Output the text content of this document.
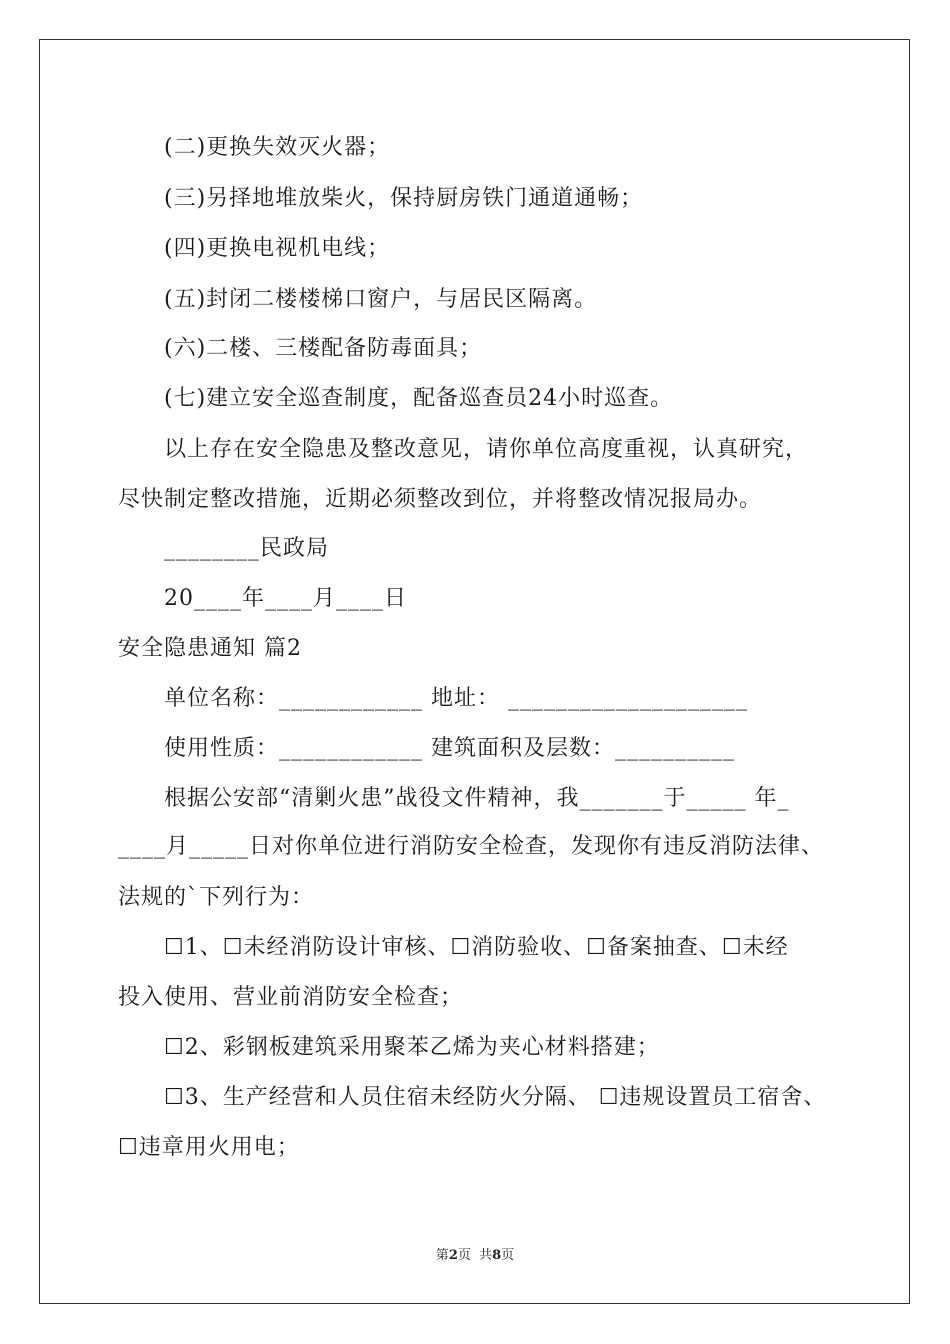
(二)更换失效灭火器；
(三)另择地堆放柴火，保持厨房铁门通道通畅；
(四)更换电视机电线；
(五)封闭二楼楼梯口窗户，与居民区隔离。
(六)二楼、三楼配备防毒面具；
(七)建立安全巡查制度，配备巡查员24小时巡查。
以上存在安全隐患及整改意见，请你单位高度重视，认真研究，
尽快制定整改措施，近期必须整改到位，并将整改情况报局办。
________民政局
20____年____月____日
安全隐患通知 篇2
单位名称：____________ 地址： ____________________
使用性质：____________ 建筑面积及层数：__________
根据公安部“清剿火患”战役文件精神，我_______于_____ 年_
____月_____日对你单位进行消防安全检查，发现你有违反消防法律、
法规的`下列行为：
☐1、☐未经消防设计审核、☐消防验收、☐备案抽查、☐未经
投入使用、营业前消防安全检查；
☐2、彩钢板建筑采用聚苯乙烯为夹心材料搭建；
☐3、生产经营和人员住宿未经防火分隔、 ☐违规设置员工宿舍、
☐违章用火用电；
第2页  共8页
